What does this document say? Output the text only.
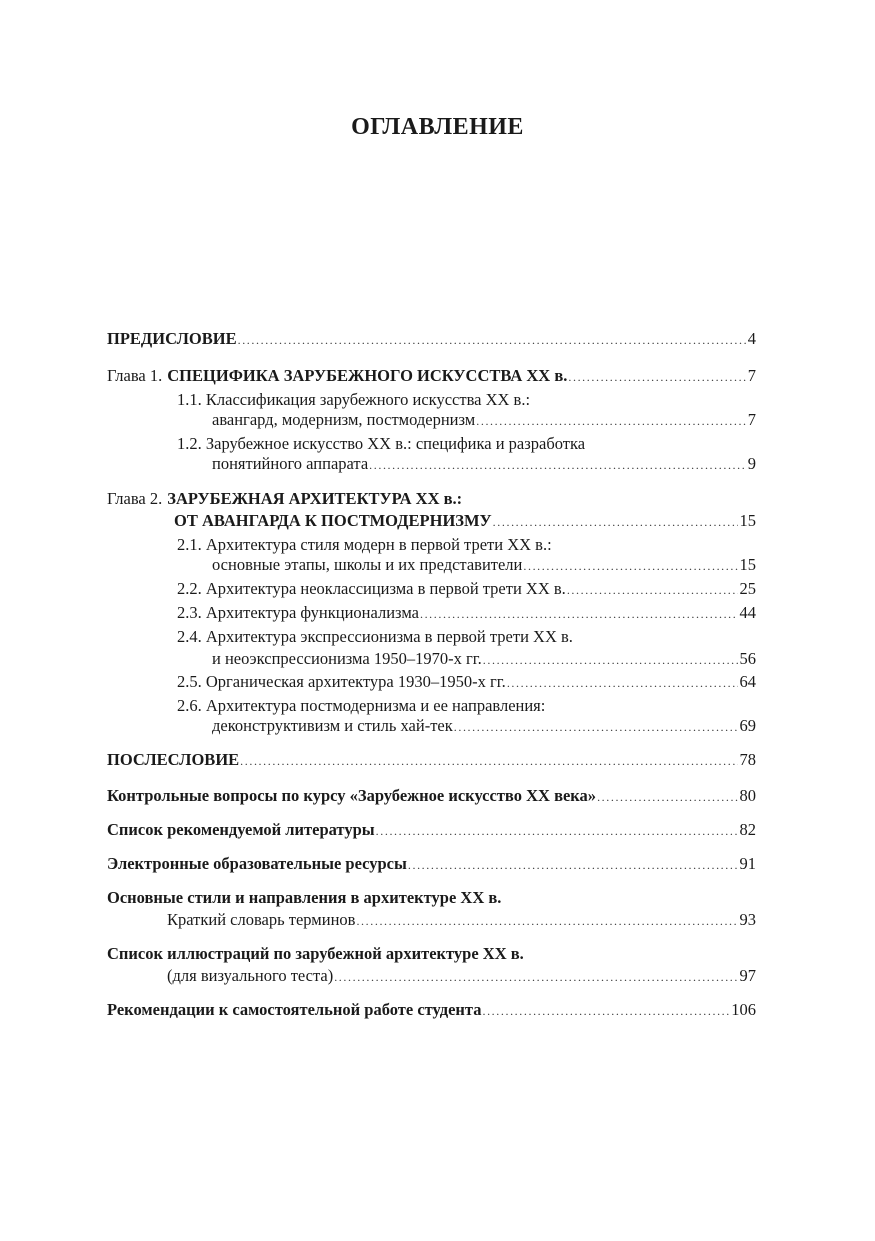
ОГЛАВЛЕНИЕ
ПРЕДИСЛОВИЕ .....	4
Глава 1. СПЕЦИФИКА ЗАРУБЕЖНОГО ИСКУССТВА ХХ в. .....	7
1.1. Классификация зарубежного искусства ХХ в.:
авангард, модернизм, постмодернизм .....	7
1.2. Зарубежное искусство ХХ в.: специфика и разработка
понятийного аппарата .....	9
Глава 2. ЗАРУБЕЖНАЯ АРХИТЕКТУРА ХХ в.:
ОТ АВАНГАРДА К ПОСТМОДЕРНИЗМУ .....	15
2.1. Архитектура стиля модерн в первой трети ХХ в.:
основные этапы, школы и их представители .....	15
2.2. Архитектура неоклассицизма в первой трети ХХ в. .....	25
2.3. Архитектура функционализма .....	44
2.4. Архитектура экспрессионизма в первой трети ХХ в.
и неоэкспрессионизма 1950–1970-х гг. .....	56
2.5. Органическая архитектура 1930–1950-х гг. .....	64
2.6. Архитектура постмодернизма и ее направления:
деконструктивизм и стиль хай-тек .....	69
ПОСЛЕСЛОВИЕ .....	78
Контрольные вопросы по курсу «Зарубежное искусство ХХ века» .....	80
Список рекомендуемой литературы .....	82
Электронные образовательные ресурсы .....	91
Основные стили и направления в архитектуре ХХ в.
Краткий словарь терминов .....	93
Список иллюстраций по зарубежной архитектуре ХХ в.
(для визуального теста) .....	97
Рекомендации к самостоятельной работе студента .....	106
